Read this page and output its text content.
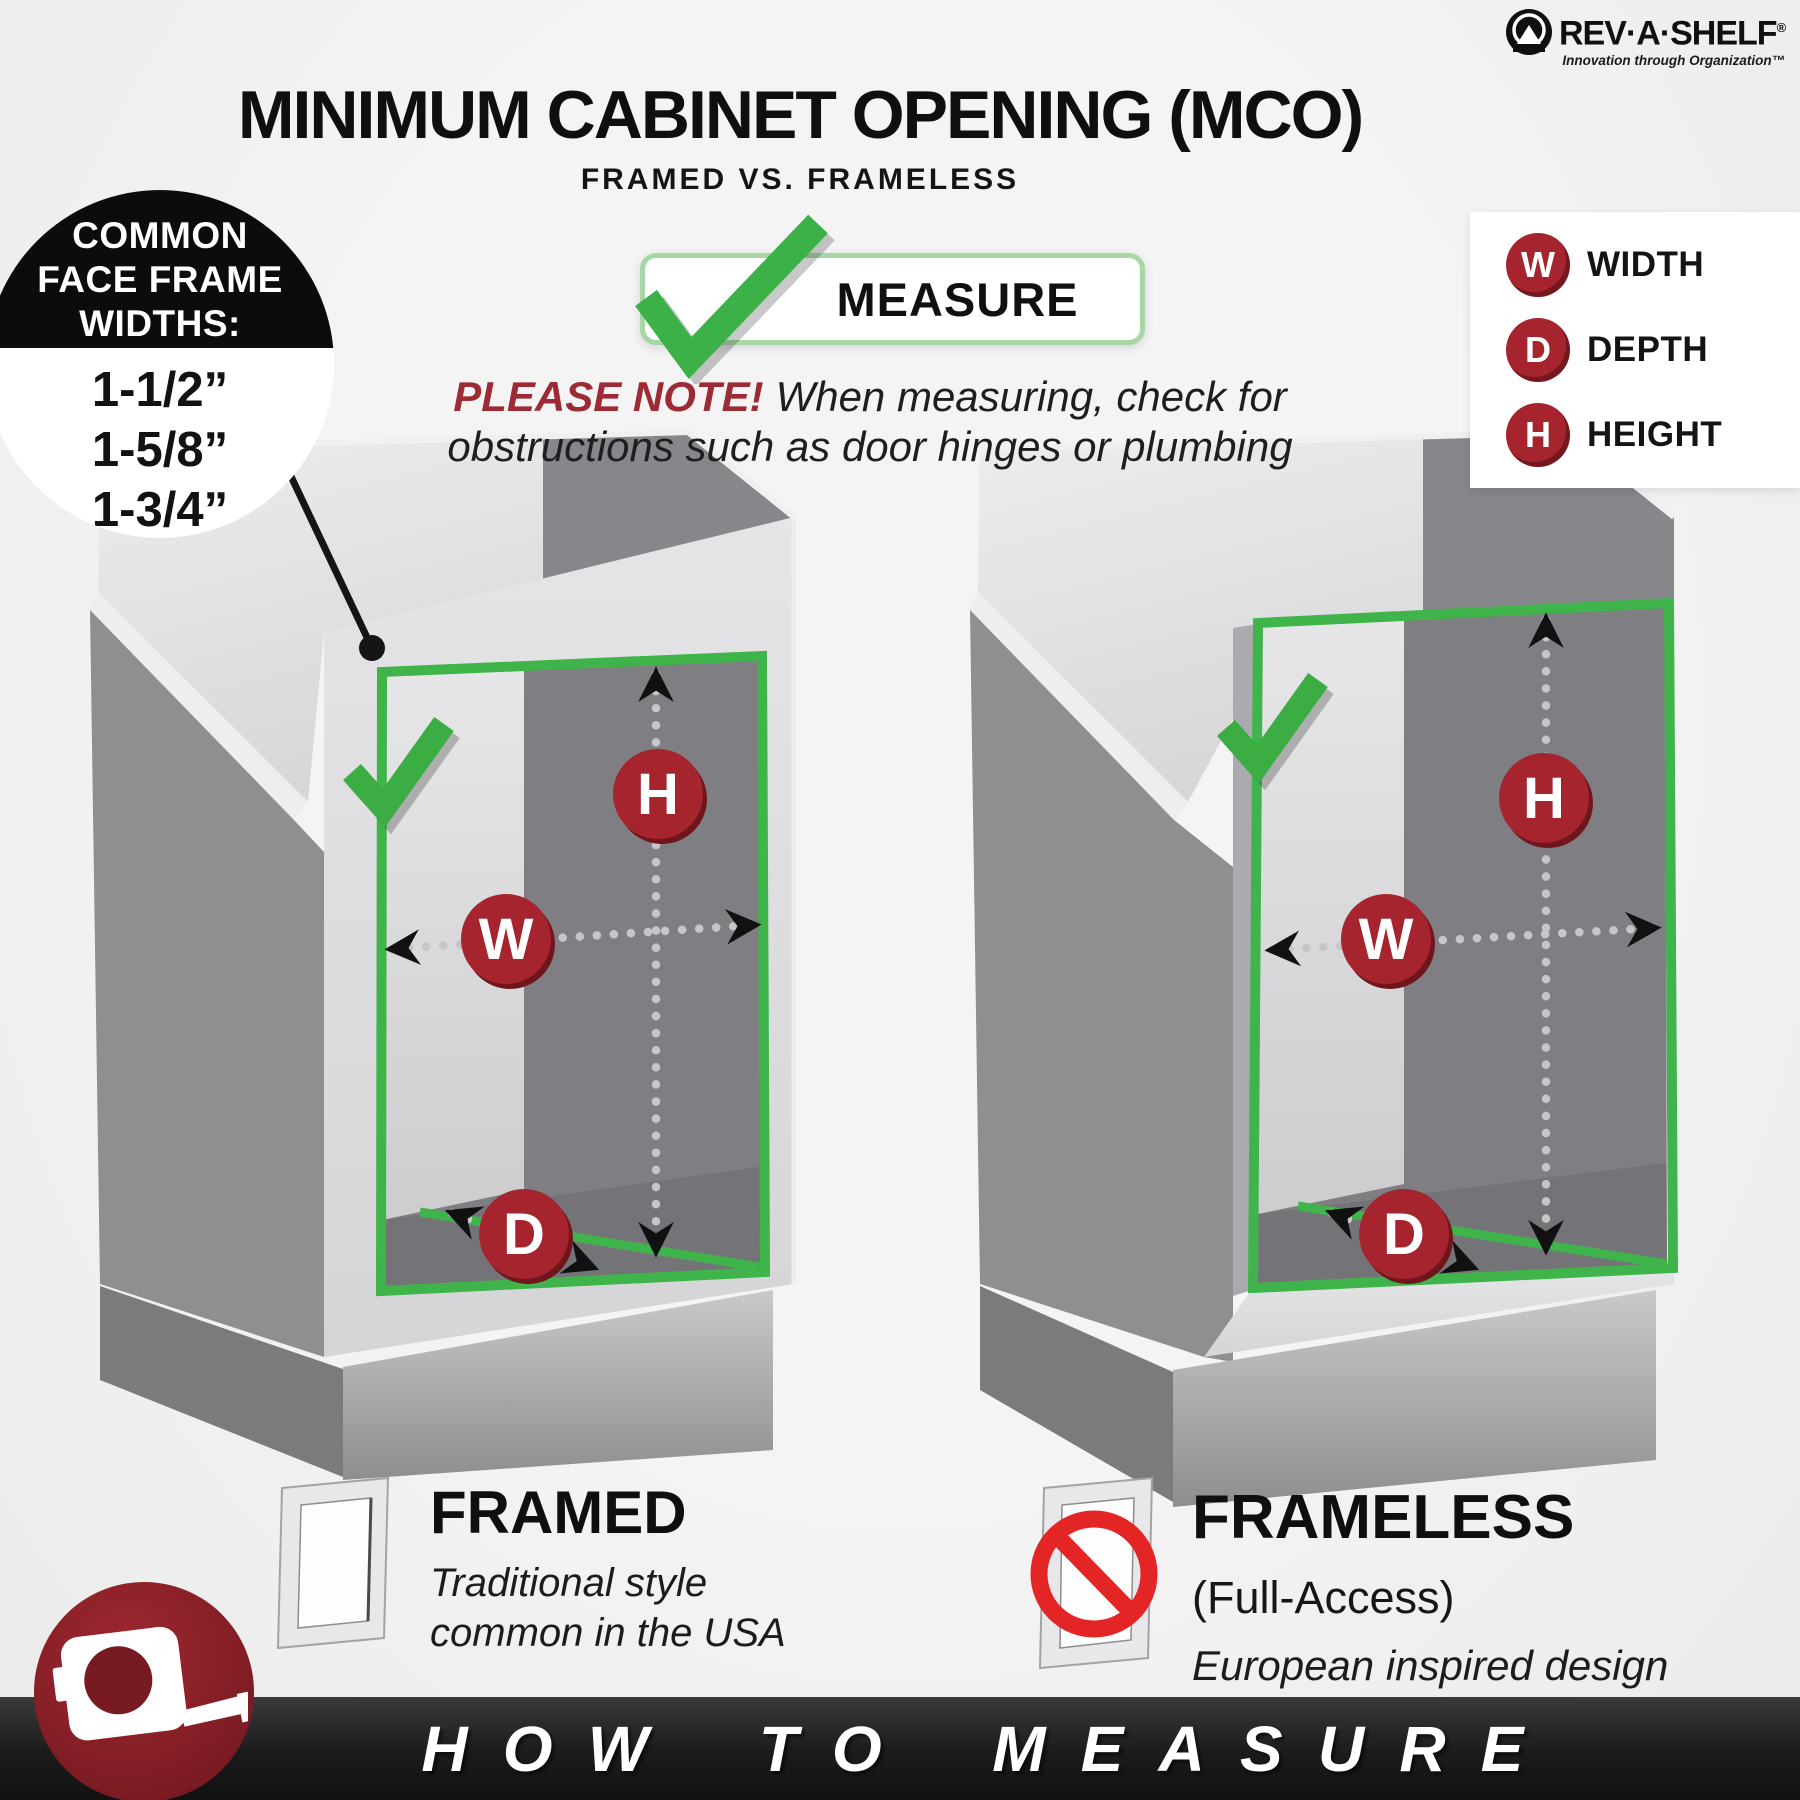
H
W
D
H
W
D
REV·A·SHELF®
Innovation through Organization™
MINIMUM CABINET OPENING (MCO)
FRAMED VS. FRAMELESS
COMMON
FACE FRAME
WIDTHS:
1-1/2”
1-5/8”
1-3/4”
MEASURE
PLEASE NOTE! When measuring, check for
obstructions such as door hinges or plumbing
W WIDTH
D	DEPTH
H	HEIGHT
FRAMED
Traditional style
common in the USA
FRAMELESS
(Full-Access)
European inspired design
HOW TO MEASURE
